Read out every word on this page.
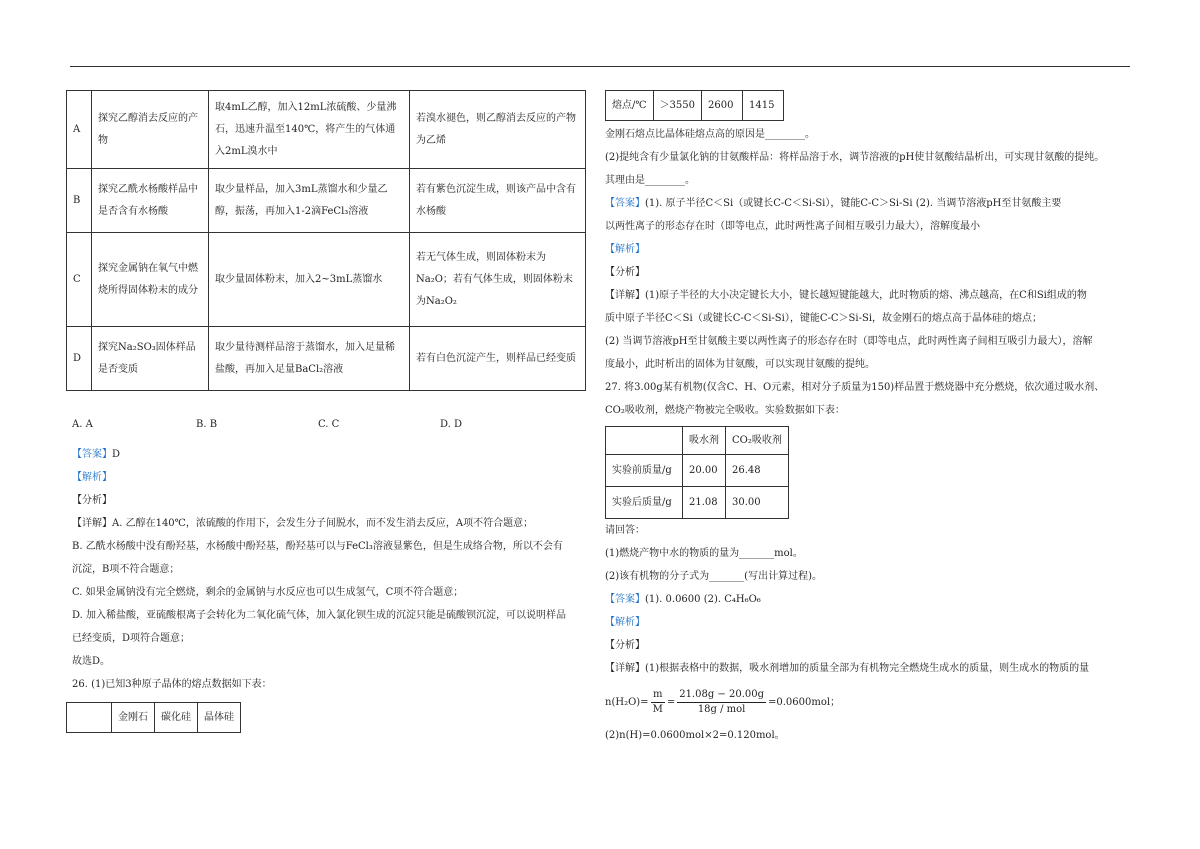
A	探究乙醇消去反应的产物	取4mL乙醇，加入12mL浓硫酸、少量沸石，迅速升温至140℃，将产生的气体通入2mL溴水中	若溴水褪色，则乙醇消去反应的产物为乙烯
B	探究乙酰水杨酸样品中是否含有水杨酸	取少量样品，加入3mL蒸馏水和少量乙醇，振荡，再加入1-2滴FeCl₃溶液	若有紫色沉淀生成，则该产品中含有水杨酸
C	探究金属钠在氧气中燃烧所得固体粉末的成分	取少量固体粉末，加入2~3mL蒸馏水	若无气体生成，则固体粉末为Na₂O；若有气体生成，则固体粉末为Na₂O₂
D	探究Na₂SO₃固体样品是否变质	取少量待测样品溶于蒸馏水，加入足量稀盐酸，再加入足量BaCl₂溶液	若有白色沉淀产生，则样品已经变质
A. A	B. B	C. C	D. D

【答案】D

【解析】

【分析】

【详解】A. 乙醇在140℃，浓硫酸的作用下，会发生分子间脱水，而不发生消去反应，A项不符合题意；

B. 乙酰水杨酸中没有酚羟基，水杨酸中酚羟基，酚羟基可以与FeCl₃溶液显紫色，但是生成络合物，所以不会有

沉淀，B项不符合题意；

C. 如果金属钠没有完全燃烧，剩余的金属钠与水反应也可以生成氢气，C项不符合题意；

D. 加入稀盐酸，亚硫酸根离子会转化为二氧化硫气体，加入氯化钡生成的沉淀只能是硫酸钡沉淀，可以说明样品

已经变质，D项符合题意；

故选D。

26. (1)已知3种原子晶体的熔点数据如下表：

	金刚石	碳化硅	晶体硅
熔点/℃	＞3550	2600	1415

金刚石熔点比晶体硅熔点高的原因是________。

(2)提纯含有少量氯化钠的甘氨酸样品：将样品溶于水，调节溶液的pH使甘氨酸结晶析出，可实现甘氨酸的提纯。

其理由是________。

【答案】(1). 原子半径C＜Si（或键长C-C＜Si-Si），键能C-C＞Si-Si (2). 当调节溶液pH至甘氨酸主要

以两性离子的形态存在时（即等电点，此时两性离子间相互吸引力最大），溶解度最小

【解析】

【分析】

【详解】(1)原子半径的大小决定键长大小，键长越短键能越大，此时物质的熔、沸点越高，在C和Si组成的物

质中原子半径C＜Si（或键长C-C＜Si-Si），键能C-C＞Si-Si，故金刚石的熔点高于晶体硅的熔点；

(2) 当调节溶液pH至甘氨酸主要以两性离子的形态存在时（即等电点，此时两性离子间相互吸引力最大），溶解

度最小，此时析出的固体为甘氨酸，可以实现甘氨酸的提纯。

27. 将3.00g某有机物(仅含C、H、O元素，相对分子质量为150)样品置于燃烧器中充分燃烧，依次通过吸水剂、

CO₂吸收剂，燃烧产物被完全吸收。实验数据如下表：

	吸水剂	CO₂吸收剂
实验前质量/g	20.00	26.48
实验后质量/g	21.08	30.00

请回答：

(1)燃烧产物中水的物质的量为_______mol。

(2)该有机物的分子式为_______(写出计算过程)。

【答案】(1). 0.0600 (2). C₄H₆O₆

【解析】

【分析】

【详解】(1)根据表格中的数据，吸水剂增加的质量全部为有机物完全燃烧生成水的质量，则生成水的物质的量

$n(H_2O)= \frac{m}{M} = \frac{21.08g - 20.00g}{\text{18g / mol}} =0.0600mol$；

(2)n(H)=0.0600mol×2=0.120mol。
